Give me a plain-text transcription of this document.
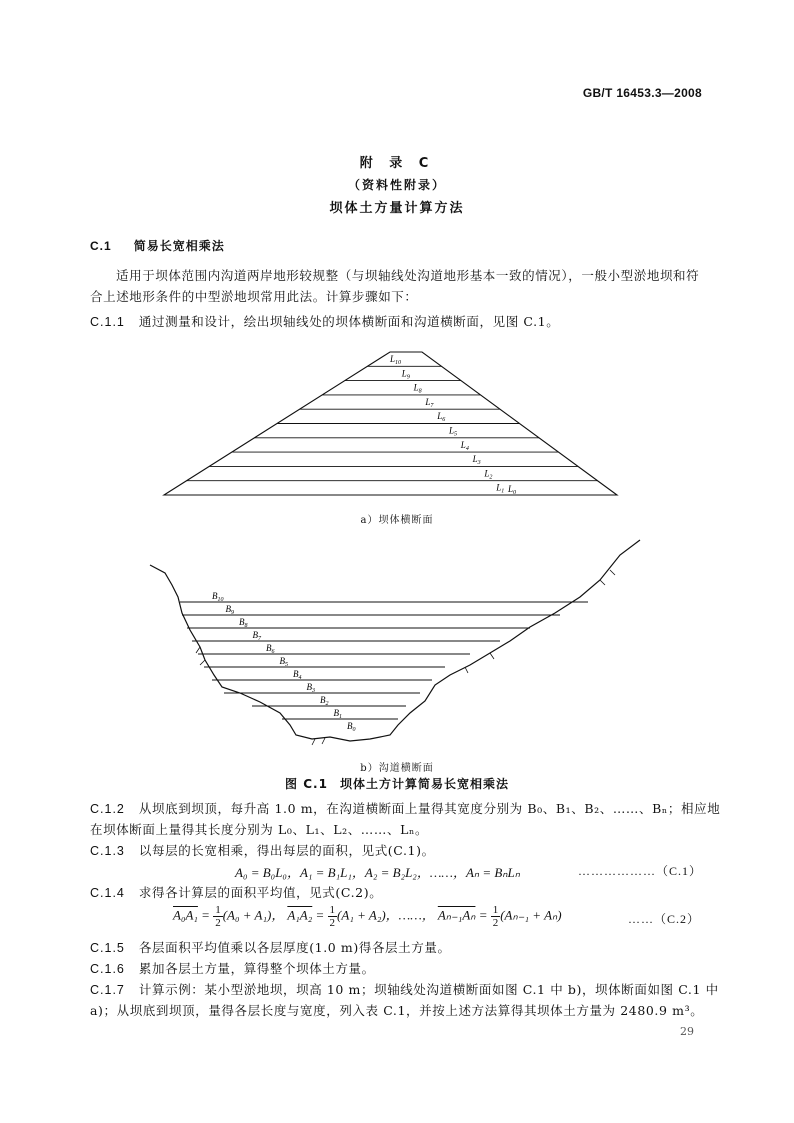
GB/T 16453.3—2008
附 录 C
（资料性附录）
坝体土方量计算方法
C.1 简易长宽相乘法
适用于坝体范围内沟道两岸地形较规整（与坝轴线处沟道地形基本一致的情况），一般小型淤地坝和符合上述地形条件的中型淤地坝常用此法。计算步骤如下：
C.1.1 通过测量和设计，绘出坝轴线处的坝体横断面和沟道横断面，见图 C.1。
$L_{10}$
$L_9$
$L_8$
$L_7$
$L_6$
$L_5$
$L_4$
$L_3$
$L_2$
$L_1$ $L_0$
a）坝体横断面
$B_{10}$
$B_9$
$B_8$
$B_7$
$B_6$
$B_5$
$B_4$
$B_3$
$B_2$
$B_1$
$B_0$
b）沟道横断面
图 C.1 坝体土方计算简易长宽相乘法
C.1.2 从坝底到坝顶，每升高 1.0 m，在沟道横断面上量得其宽度分别为 B₀、B₁、B₂、……、Bₙ；相应地
在坝体断面上量得其长度分别为 L₀、L₁、L₂、……、Lₙ。
C.1.3 以每层的长宽相乘，得出每层的面积，见式(C.1)。
A₀ = B₀L₀，A₁ = B₁L₁，A₂ = B₂L₂，……，Aₙ = BₙLₙ	………………（C.1）
C.1.4 求得各计算层的面积平均值，见式(C.2)。
$A_0A_1 = \frac{1}{2} (A_0 + A_1)$， $A_1A_2 = \frac{1}{2} (A_1 + A_2)$，……， $A_{n-1}A_n = \frac{1}{2} (A_{n-1} + A_n)$	……（C.2）
C.1.5 各层面积平均值乘以各层厚度(1.0 m)得各层土方量。
C.1.6 累加各层土方量，算得整个坝体土方量。
C.1.7 计算示例：某小型淤地坝，坝高 10 m；坝轴线处沟道横断面如图 C.1 中 b)，坝体断面如图 C.1 中
a)；从坝底到坝顶，量得各层长度与宽度，列入表 C.1，并按上述方法算得其坝体土方量为 2480.9 m³。
29
